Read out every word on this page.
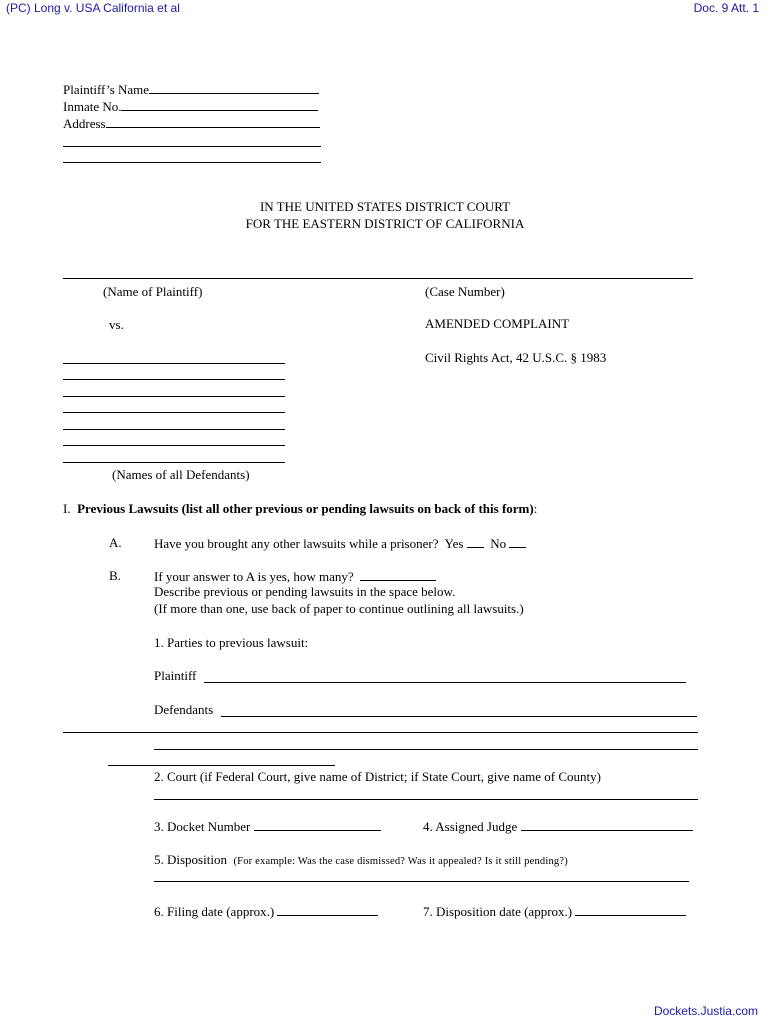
(PC) Long v. USA California et al	Doc. 9 Att. 1
Plaintiff’s Name
Inmate No.
Address
IN THE UNITED STATES DISTRICT COURT
FOR THE EASTERN DISTRICT OF CALIFORNIA
(Name of Plaintiff)	(Case Number)
vs.	AMENDED COMPLAINT
Civil Rights Act, 42 U.S.C. § 1983
(Names of all Defendants)
I. Previous Lawsuits (list all other previous or pending lawsuits on back of this form):
A. Have you brought any other lawsuits while a prisoner? Yes No
B.	If your answer to A is yes, how many?
Describe previous or pending lawsuits in the space below.
(If more than one, use back of paper to continue outlining all lawsuits.)
1. Parties to previous lawsuit:
Plaintiff
Defendants
2. Court (if Federal Court, give name of District; if State Court, give name of County)
3. Docket Number	4. Assigned Judge
5. Disposition (For example: Was the case dismissed? Was it appealed? Is it still pending?)
6. Filing date (approx.)	7. Disposition date (approx.)
Dockets.Justia.com
